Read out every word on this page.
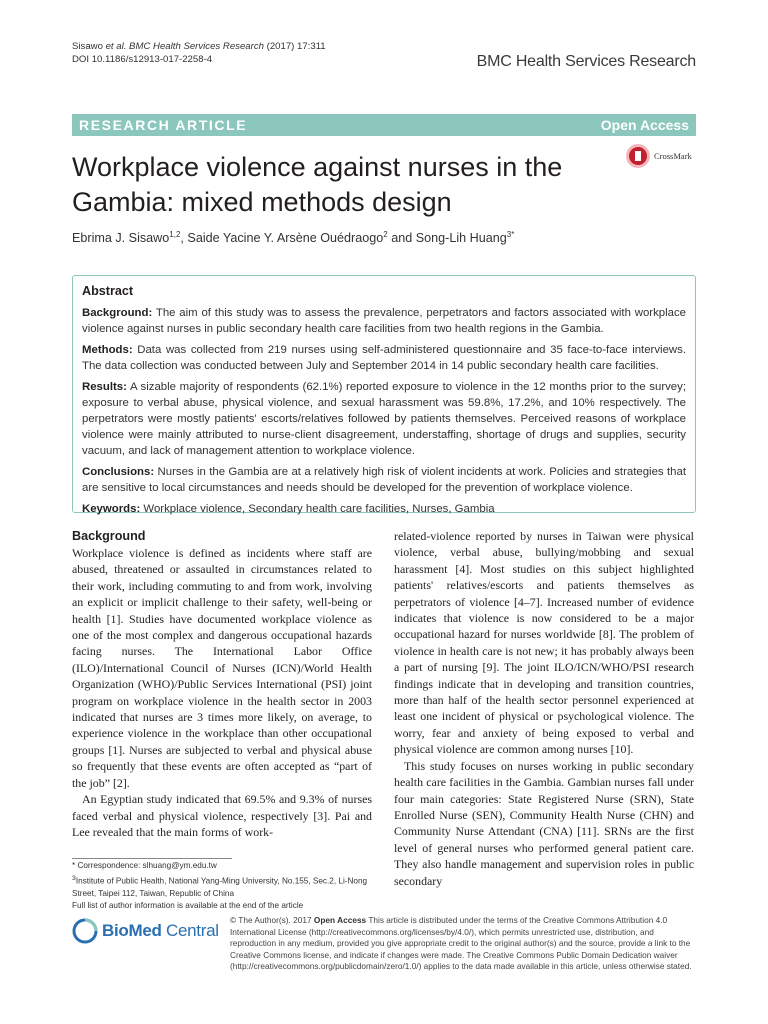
Sisawo et al. BMC Health Services Research (2017) 17:311
DOI 10.1186/s12913-017-2258-4	BMC Health Services Research
RESEARCH ARTICLE	Open Access
Workplace violence against nurses in the Gambia: mixed methods design
CrossMark
Ebrima J. Sisawo$^{1,2}$, Saide Yacine Y. Arsène Ouédraogo$^2$ and Song-Lih Huang$^{3*}$
Abstract

Background: The aim of this study was to assess the prevalence, perpetrators and factors associated with workplace violence against nurses in public secondary health care facilities from two health regions in the Gambia.

Methods: Data was collected from 219 nurses using self-administered questionnaire and 35 face-to-face interviews. The data collection was conducted between July and September 2014 in 14 public secondary health care facilities.

Results: A sizable majority of respondents (62.1%) reported exposure to violence in the 12 months prior to the survey; exposure to verbal abuse, physical violence, and sexual harassment was 59.8%, 17.2%, and 10% respectively. The perpetrators were mostly patients' escorts/relatives followed by patients themselves. Perceived reasons of workplace violence were mainly attributed to nurse-client disagreement, understaffing, shortage of drugs and supplies, security vacuum, and lack of management attention to workplace violence.

Conclusions: Nurses in the Gambia are at a relatively high risk of violent incidents at work. Policies and strategies that are sensitive to local circumstances and needs should be developed for the prevention of workplace violence.

Keywords: Workplace violence, Secondary health care facilities, Nurses, Gambia

Background

Workplace violence is defined as incidents where staff are abused, threatened or assaulted in circumstances related to their work, including commuting to and from work, involving an explicit or implicit challenge to their safety, well-being or health [1]. Studies have documented workplace violence as one of the most complex and dangerous occupational hazards facing nurses. The International Labor Office (ILO)/International Council of Nurses (ICN)/World Health Organization (WHO)/Public Services International (PSI) joint program on workplace violence in the health sector in 2003 indicated that nurses are 3 times more likely, on average, to experience violence in the workplace than other occupational groups [1]. Nurses are subjected to verbal and physical abuse so frequently that these events are often accepted as “part of the job” [2].

An Egyptian study indicated that 69.5% and 9.3% of nurses faced verbal and physical violence, respectively [3]. Pai and Lee revealed that the main forms of work-

related-violence reported by nurses in Taiwan were physical violence, verbal abuse, bullying/mobbing and sexual harassment [4]. Most studies on this subject highlighted patients' relatives/escorts and patients themselves as perpetrators of violence [4–7]. Increased number of evidence indicates that violence is now considered to be a major occupational hazard for nurses worldwide [8]. The problem of violence in health care is not new; it has probably always been a part of nursing [9]. The joint ILO/ICN/WHO/PSI research findings indicate that in developing and transition countries, more than half of the health sector personnel experienced at least one incident of physical or psychological violence. The worry, fear and anxiety of being exposed to verbal and physical violence are common among nurses [10].

This study focuses on nurses working in public secondary health care facilities in the Gambia. Gambian nurses fall under four main categories: State Registered Nurse (SRN), State Enrolled Nurse (SEN), Community Health Nurse (CHN) and Community Nurse Attendant (CNA) [11]. SRNs are the first level of general nurses who performed general patient care. They also handle management and supervision roles in public secondary

* Correspondence: slhuang@ym.edu.tw
$^3$Institute of Public Health, National Yang-Ming University, No.155, Sec.2, Li-Nong Street, Taipei 112, Taiwan, Republic of China
Full list of author information is available at the end of the article
BioMed Central
© The Author(s). 2017 Open Access This article is distributed under the terms of the Creative Commons Attribution 4.0 International License (http://creativecommons.org/licenses/by/4.0/), which permits unrestricted use, distribution, and reproduction in any medium, provided you give appropriate credit to the original author(s) and the source, provide a link to the Creative Commons license, and indicate if changes were made. The Creative Commons Public Domain Dedication waiver (http://creativecommons.org/publicdomain/zero/1.0/) applies to the data made available in this article, unless otherwise stated.
